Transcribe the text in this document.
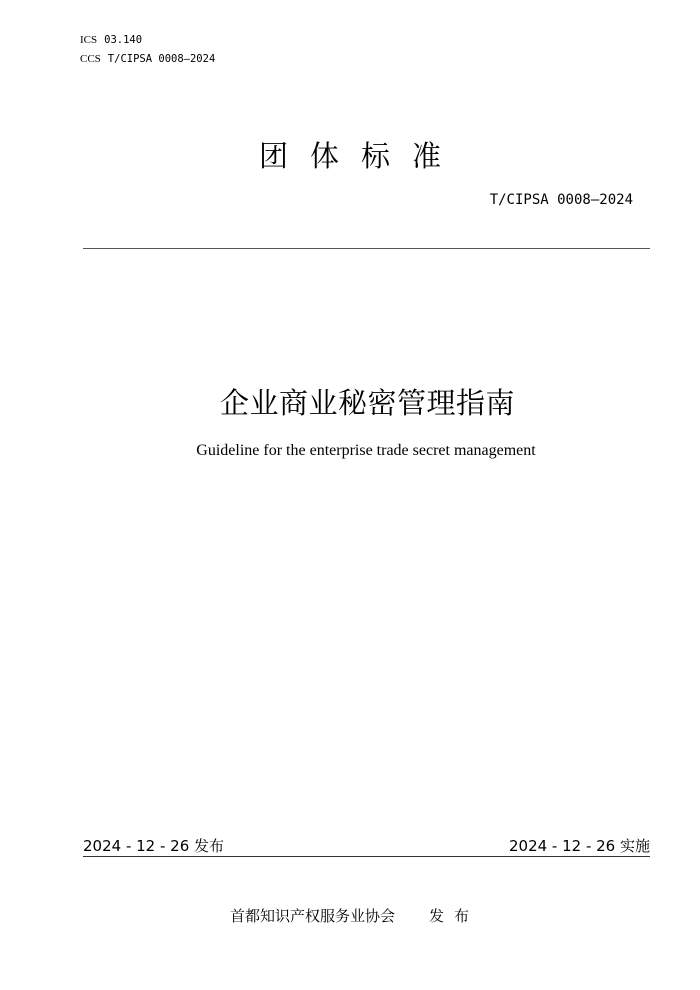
ICS 03.140
CCS T/CIPSA 0008—2024
团体标准
T/CIPSA 0008—2024
企业商业秘密管理指南
Guideline for the enterprise trade secret management
2024 - 12 - 26 发布	2024 - 12 - 26 实施
首都知识产权服务业协会 发布
